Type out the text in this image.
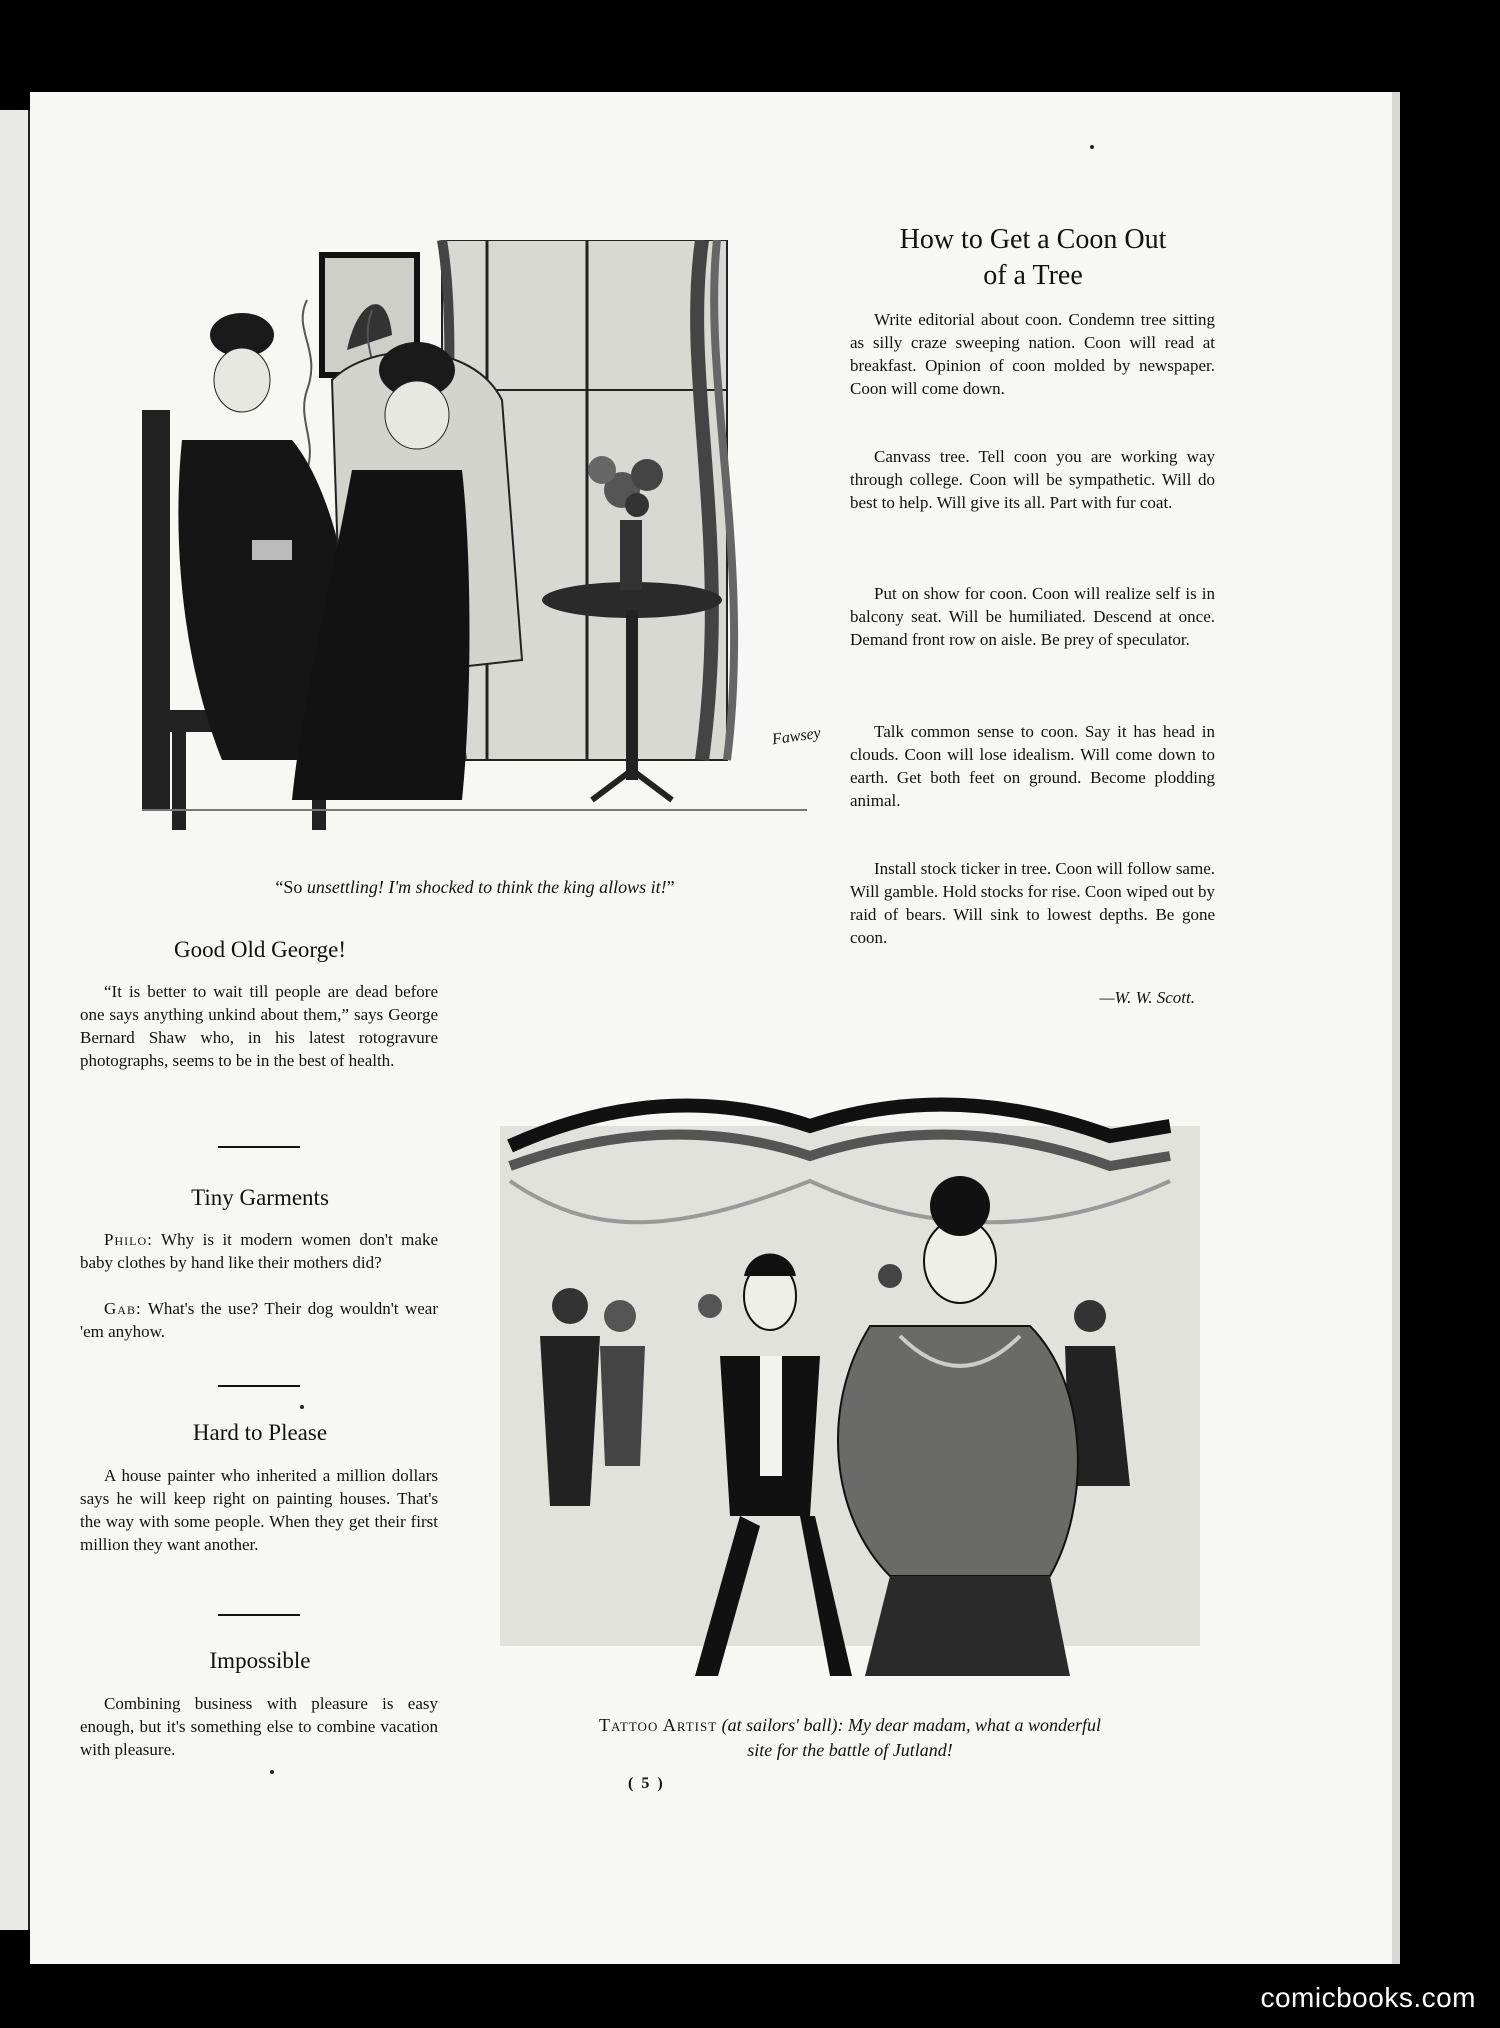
Fawsey
“So unsettling! I'm shocked to think the king allows it!”
How to Get a Coon Out
of a Tree

Write editorial about coon. Condemn tree sitting as silly craze sweeping nation. Coon will read at breakfast. Opinion of coon molded by newspaper. Coon will come down.

Canvass tree. Tell coon you are working way through college. Coon will be sympathetic. Will do best to help. Will give its all. Part with fur coat.

Put on show for coon. Coon will realize self is in balcony seat. Will be humiliated. Descend at once. Demand front row on aisle. Be prey of speculator.

Talk common sense to coon. Say it has head in clouds. Coon will lose idealism. Will come down to earth. Get both feet on ground. Become plodding animal.

Install stock ticker in tree. Coon will follow same. Will gamble. Hold stocks for rise. Coon wiped out by raid of bears. Will sink to lowest depths. Be gone coon.

—W. W. Scott.
Good Old George!

“It is better to wait till people are dead before one says anything unkind about them,” says George Bernard Shaw who, in his latest rotogravure photographs, seems to be in the best of health.

Tiny Garments

Philo: Why is it modern women don't make baby clothes by hand like their mothers did?

Gab: What's the use? Their dog wouldn't wear 'em anyhow.

Hard to Please

A house painter who inherited a million dollars says he will keep right on painting houses. That's the way with some people. When they get their first million they want another.

Impossible

Combining business with pleasure is easy enough, but it's something else to combine vacation with pleasure.

Tattoo Artist (at sailors' ball): My dear madam, what a wonderful
site for the battle of Jutland!
( 5 )
comicbooks.com
